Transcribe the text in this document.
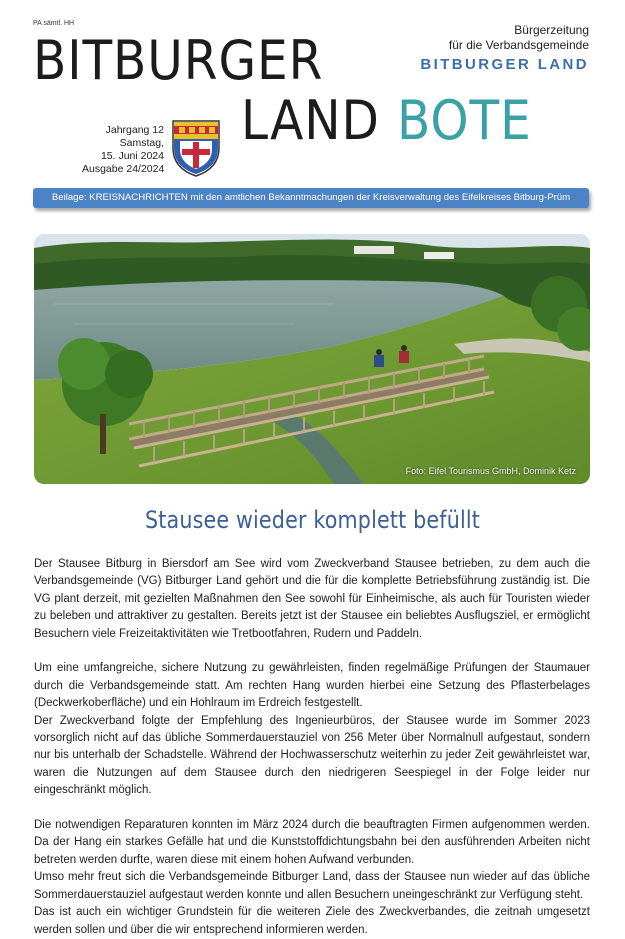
PA sämtl. HH
BITBURGER
LAND BOTE
Bürgerzeitung
für die Verbandsgemeinde
BITBURGER LAND
Jahrgang 12
Samstag,
15. Juni 2024
Ausgabe 24/2024
Beilage: KREISNACHRICHTEN mit den amtlichen Bekanntmachungen der Kreisverwaltung des Eifelkreises Bitburg-Prüm
Foto: Eifel Tourismus GmbH, Dominik Ketz
Stausee wieder komplett befüllt

Der Stausee Bitburg in Biersdorf am See wird vom Zweckverband Stausee betrieben, zu dem auch die Verbandsgemeinde (VG) Bitburger Land gehört und die für die komplette Betriebsführung zuständig ist. Die VG plant derzeit, mit gezielten Maßnahmen den See sowohl für Einheimische, als auch für Touristen wieder zu beleben und attraktiver zu gestalten. Bereits jetzt ist der Stausee ein beliebtes Ausflugsziel, er ermöglicht Besuchern viele Freizeitaktivitäten wie Tretbootfahren, Rudern und Paddeln.

Um eine umfangreiche, sichere Nutzung zu gewährleisten, finden regelmäßige Prüfungen der Staumauer durch die Verbandsgemeinde statt. Am rechten Hang wurden hierbei eine Setzung des Pflasterbelages (Deckwerkoberfläche) und ein Hohlraum im Erdreich festgestellt.

Der Zweckverband folgte der Empfehlung des Ingenieurbüros, der Stausee wurde im Sommer 2023 vorsorglich nicht auf das übliche Sommerdauerstauziel von 256 Meter über Normalnull aufgestaut, sondern nur bis unterhalb der Schadstelle. Während der Hochwasserschutz weiterhin zu jeder Zeit gewährleistet war, waren die Nutzungen auf dem Stausee durch den niedrigeren Seespiegel in der Folge leider nur eingeschränkt möglich.

Die notwendigen Reparaturen konnten im März 2024 durch die beauftragten Firmen aufgenommen werden. Da der Hang ein starkes Gefälle hat und die Kunststoffdichtungsbahn bei den ausführenden Arbeiten nicht betreten werden durfte, waren diese mit einem hohen Aufwand verbunden.

Umso mehr freut sich die Verbandsgemeinde Bitburger Land, dass der Stausee nun wieder auf das übliche Sommerdauerstauziel aufgestaut werden konnte und allen Besuchern uneingeschränkt zur Verfügung steht.

Das ist auch ein wichtiger Grundstein für die weiteren Ziele des Zweckverbandes, die zeitnah umgesetzt werden sollen und über die wir entsprechend informieren werden.
